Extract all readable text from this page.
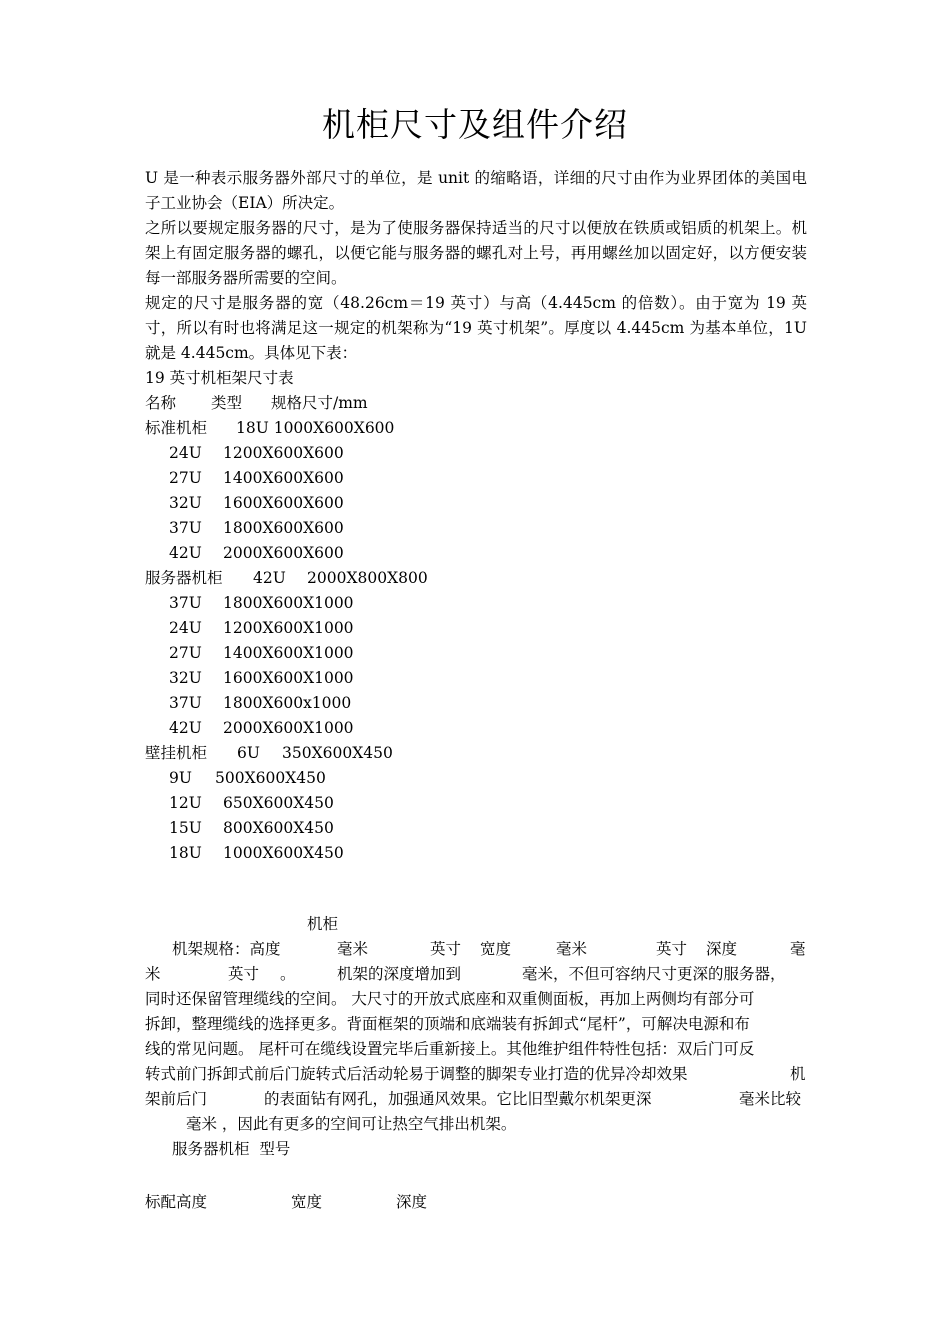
机柜尺寸及组件介绍
U 是一种表示服务器外部尺寸的单位，是 unit 的缩略语，详细的尺寸由作为业界团体的美国电子工业协会（EIA）所决定。
之所以要规定服务器的尺寸，是为了使服务器保持适当的尺寸以便放在铁质或铝质的机架上。机架上有固定服务器的螺孔，以便它能与服务器的螺孔对上号，再用螺丝加以固定好，以方便安装每一部服务器所需要的空间。
规定的尺寸是服务器的宽（48.26cm＝19 英寸）与高（4.445cm 的倍数）。由于宽为 19 英寸，所以有时也将满足这一规定的机架称为“19 英寸机架”。厚度以 4.445cm 为基本单位，1U 就是 4.445cm。具体见下表：
19 英寸机柜架尺寸表
名称 类型 规格尺寸/mm
标准机柜 18U 1000X600X600
24U 1200X600X600
27U 1400X600X600
32U 1600X600X600
37U 1800X600X600
42U 2000X600X600
服务器机柜 42U 2000X800X800
37U 1800X600X1000
24U 1200X600X1000
27U 1400X600X1000
32U 1600X600X1000
37U 1800X600x1000
42U 2000X600X1000
壁挂机柜 6U 350X600X450
9U 500X600X450
12U 650X600X450
15U 800X600X450
18U 1000X600X450
机柜
机架规格：高度	毫米	英寸 宽度	毫米	英寸 深度	毫
米	英寸 。	机架的深度增加到	毫米，不但可容纳尺寸更深的服务器，
同时还保留管理缆线的空间。 大尺寸的开放式底座和双重侧面板，再加上两侧均有部分可
拆卸，整理缆线的选择更多。背面框架的顶端和底端装有拆卸式“尾杆”，可解决电源和布
线的常见问题。 尾杆可在缆线设置完毕后重新接上。其他维护组件特性包括：双后门可反
转式前门拆卸式前后门旋转式后活动轮易于调整的脚架专业打造的优异冷却效果	机
架前后门	的表面钻有网孔，加强通风效果。它比旧型戴尔机架更深	毫米比较
毫米 ，因此有更多的空间可让热空气排出机架。
服务器机柜  型号
标配高度	宽度	深度
